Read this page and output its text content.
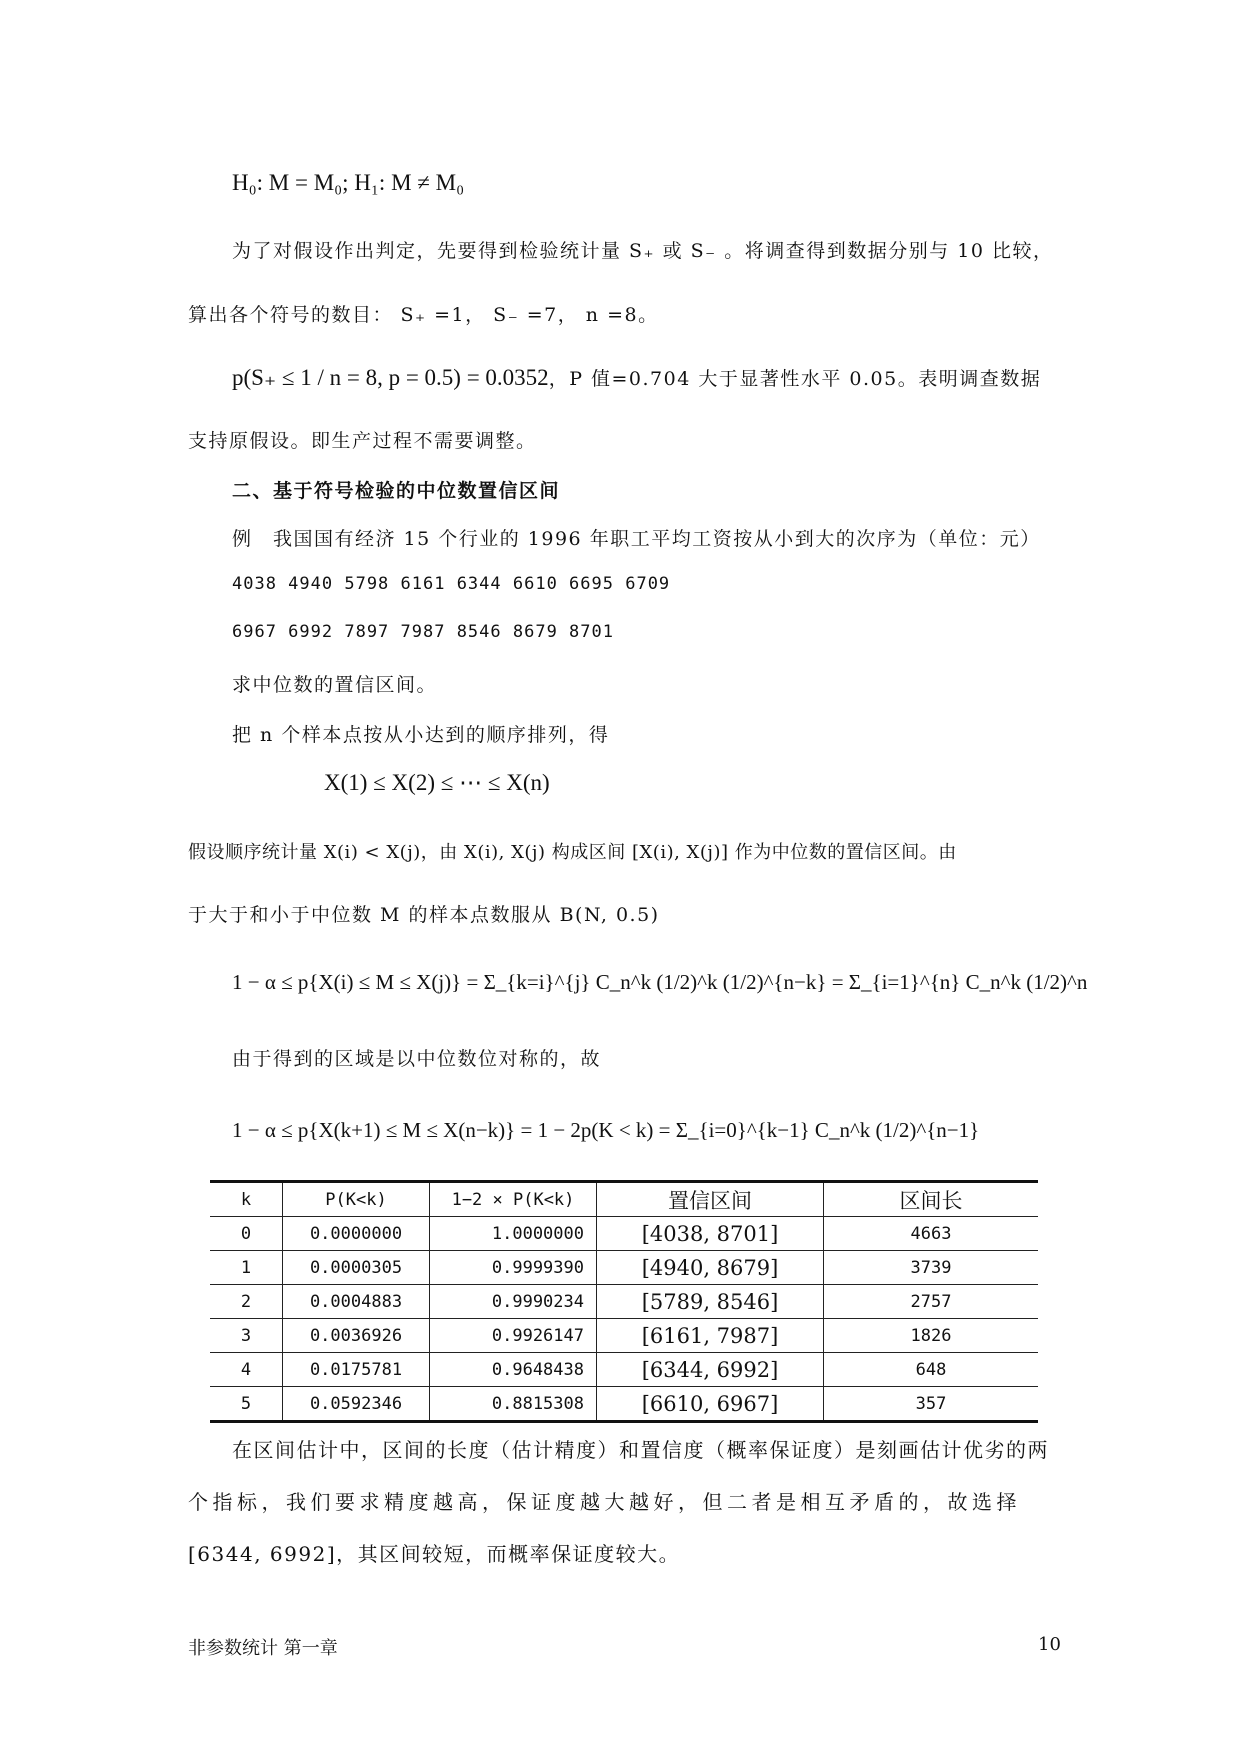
H₀: M = M₀; H₁: M ≠ M₀
为了对假设作出判定，先要得到检验统计量 S₊ 或 S₋ 。将调查得到数据分别与 10 比较，
算出各个符号的数目： S₊ =1， S₋ =7， n =8。
p(S₊ ≤ 1 / n = 8, p = 0.5) = 0.0352，P 值=0.704 大于显著性水平 0.05。表明调查数据
支持原假设。即生产过程不需要调整。
二、基于符号检验的中位数置信区间
例　我国国有经济 15 个行业的 1996 年职工平均工资按从小到大的次序为（单位：元）
4038 4940 5798 6161 6344 6610 6695 6709
6967 6992 7897 7987 8546 8679 8701
求中位数的置信区间。
把 n 个样本点按从小达到的顺序排列，得
X(1) ≤ X(2) ≤ ⋯ ≤ X(n)
假设顺序统计量 X(i) < X(j)，由 X(i), X(j) 构成区间 [X(i), X(j)] 作为中位数的置信区间。由
于大于和小于中位数 M 的样本点数服从 B(N, 0.5)
1 − α ≤ p{X(i) ≤ M ≤ X(j)} = Σ_{k=i}^{j} C_n^k (1/2)^k (1/2)^{n−k} = Σ_{i=1}^{n} C_n^k (1/2)^n
由于得到的区域是以中位数位对称的，故
1 − α ≤ p{X(k+1) ≤ M ≤ X(n−k)} = 1 − 2p(K < k) = Σ_{i=0}^{k−1} C_n^k (1/2)^{n−1}
k	P(K<k)	1−2 × P(K<k)	置信区间	区间长
0	0.0000000	1.0000000	[4038, 8701]	4663
1	0.0000305	0.9999390	[4940, 8679]	3739
2	0.0004883	0.9990234	[5789, 8546]	2757
3	0.0036926	0.9926147	[6161, 7987]	1826
4	0.0175781	0.9648438	[6344, 6992]	648
5	0.0592346	0.8815308	[6610, 6967]	357
在区间估计中，区间的长度（估计精度）和置信度（概率保证度）是刻画估计优劣的两
个指标，我们要求精度越高，保证度越大越好，但二者是相互矛盾的，故选择
[6344, 6992]，其区间较短，而概率保证度较大。
非参数统计 第一章	10
